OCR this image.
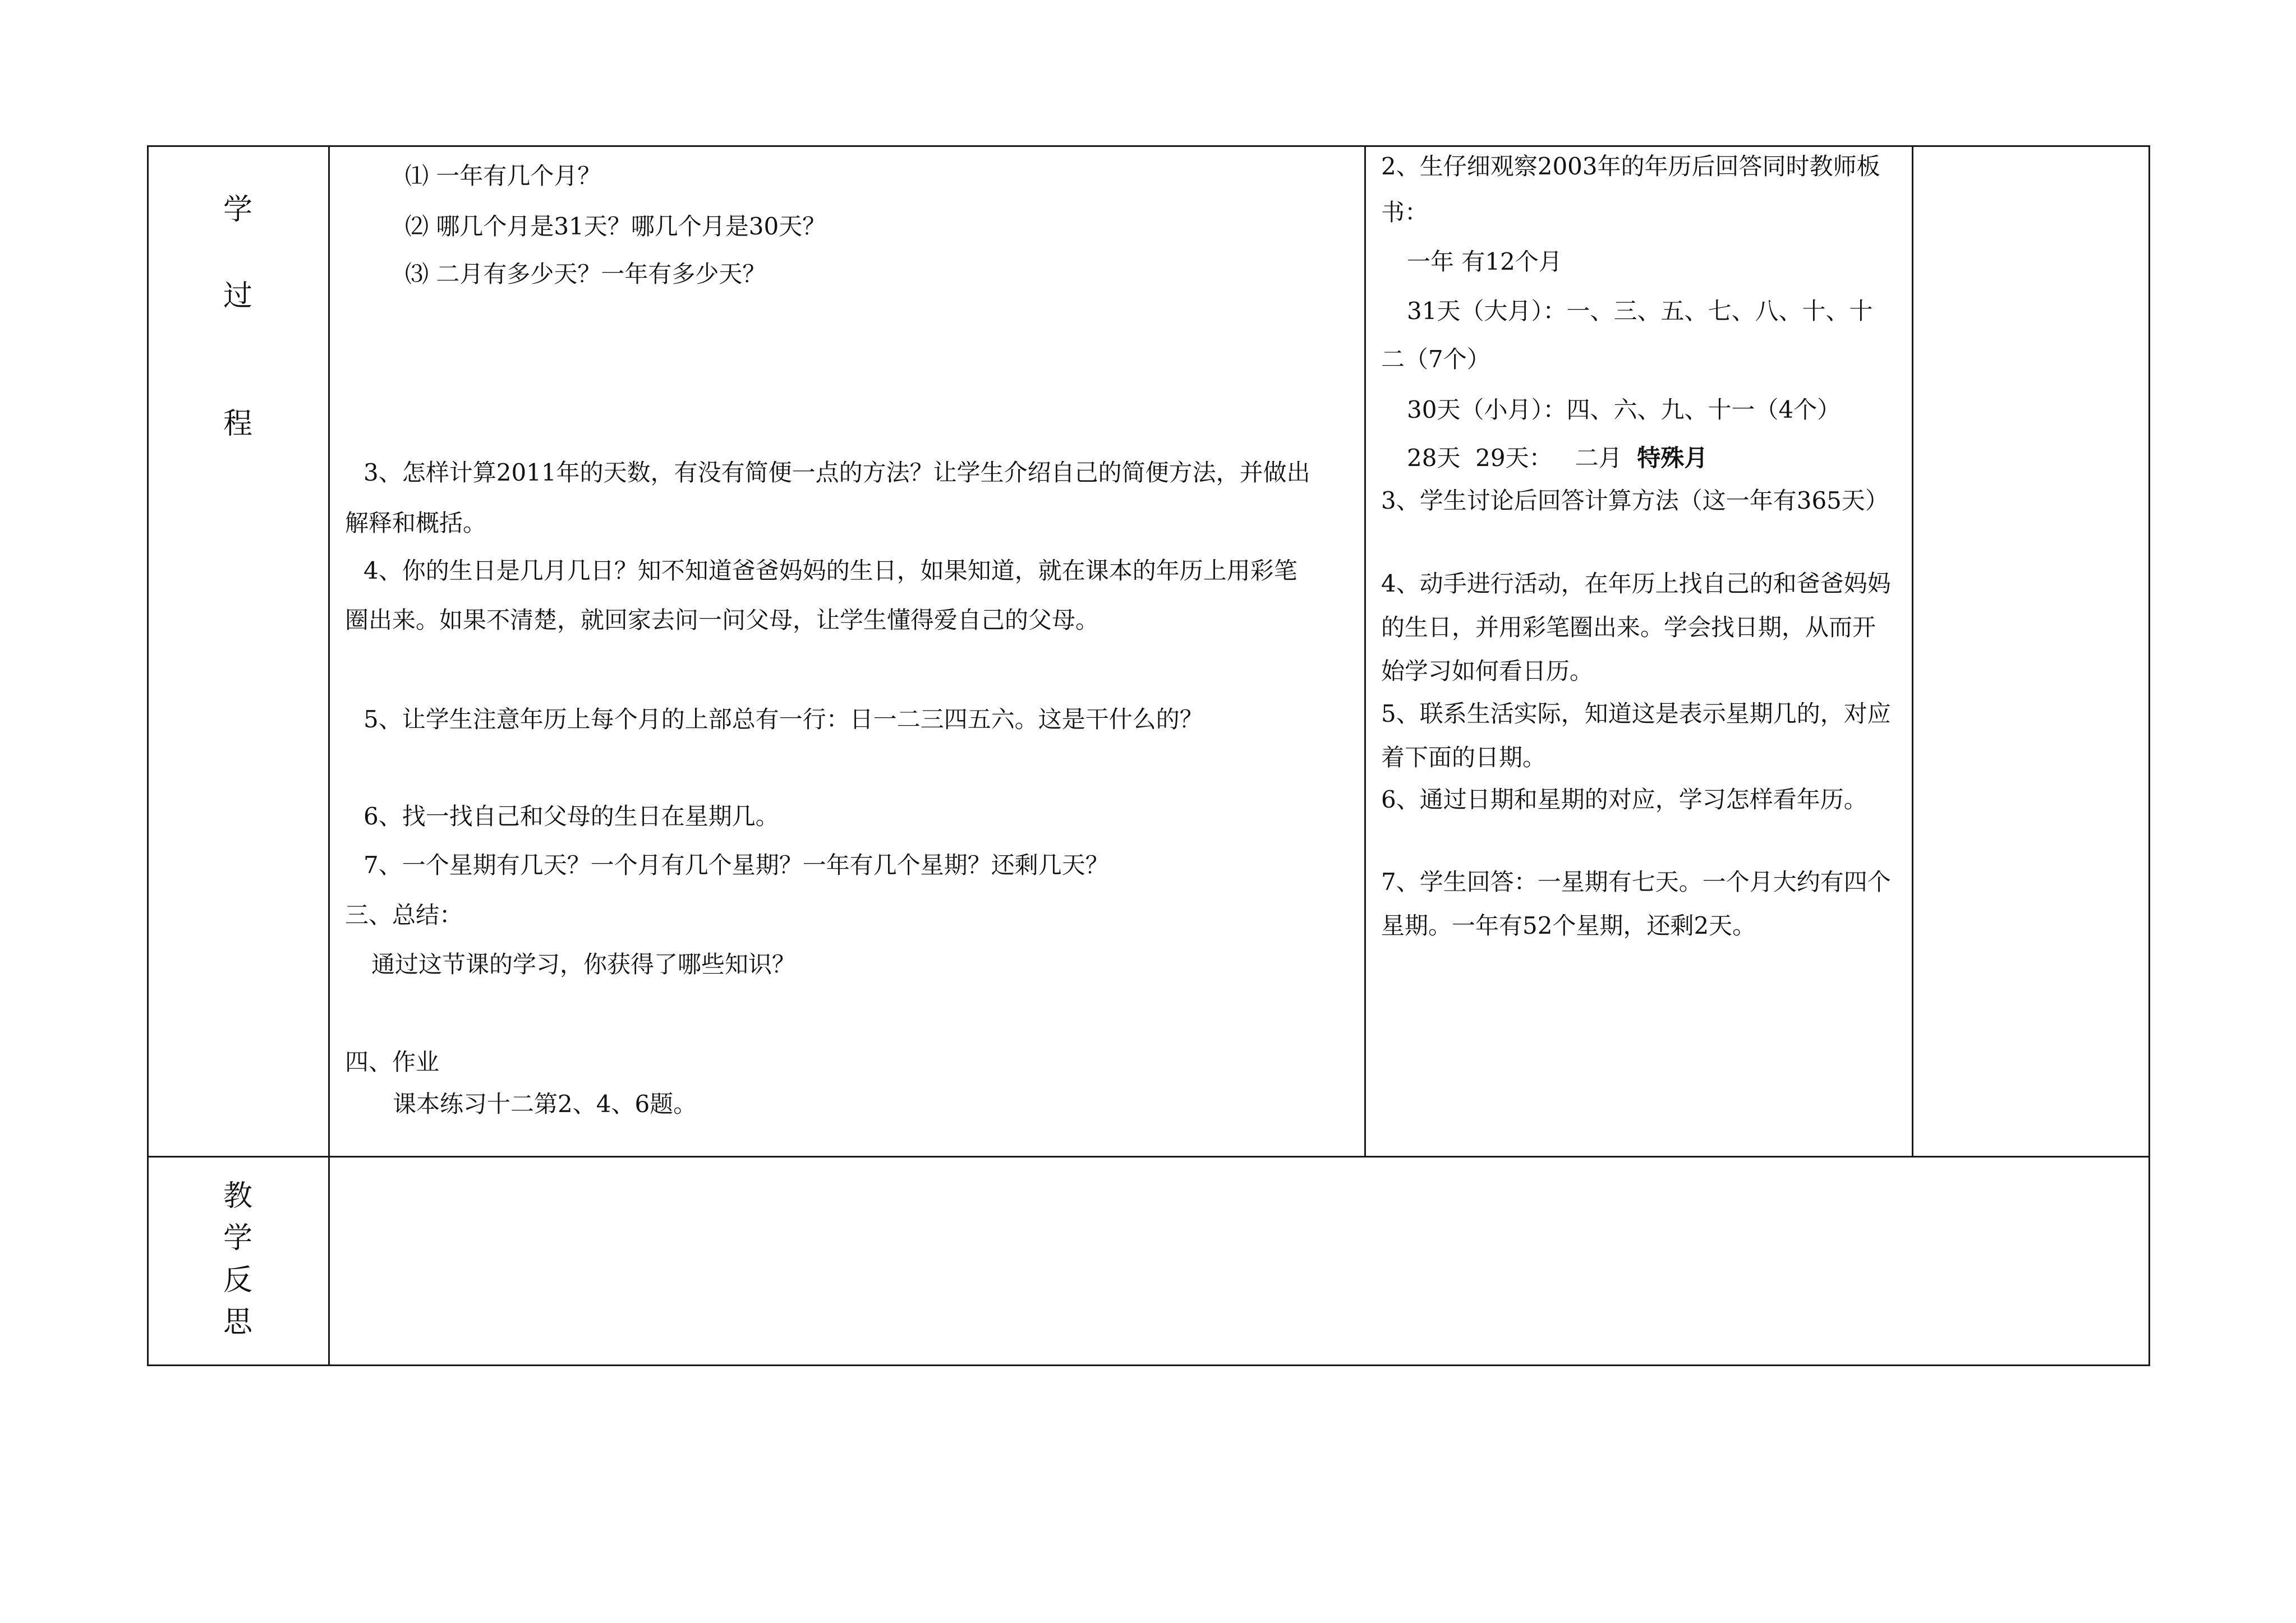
学
过
程
⑴ 一年有几个月？
⑵ 哪几个月是31天？哪几个月是30天？
⑶ 二月有多少天？一年有多少天？
3、怎样计算2011年的天数，有没有简便一点的方法？让学生介绍自己的简便方法，并做出
解释和概括。
4、你的生日是几月几日？知不知道爸爸妈妈的生日，如果知道，就在课本的年历上用彩笔
圈出来。如果不清楚，就回家去问一问父母，让学生懂得爱自己的父母。
5、让学生注意年历上每个月的上部总有一行：日一二三四五六。这是干什么的？
6、找一找自己和父母的生日在星期几。
7、一个星期有几天？一个月有几个星期？一年有几个星期？还剩几天？
三、总结：
通过这节课的学习，你获得了哪些知识？
四、作业
课本练习十二第2、4、6题。
2、生仔细观察2003年的年历后回答同时教师板
书：
一年 有12个月
31天（大月）：一、三、五、七、八、十、十
二（7个）
30天（小月）：四、六、九、十一（4个）
28天  29天：   二月  特殊月
3、学生讨论后回答计算方法（这一年有365天）
4、动手进行活动，在年历上找自己的和爸爸妈妈
的生日，并用彩笔圈出来。学会找日期，从而开
始学习如何看日历。
5、联系生活实际，知道这是表示星期几的，对应
着下面的日期。
6、通过日期和星期的对应，学习怎样看年历。
7、学生回答：一星期有七天。一个月大约有四个
星期。一年有52个星期，还剩2天。
教
学
反
思
